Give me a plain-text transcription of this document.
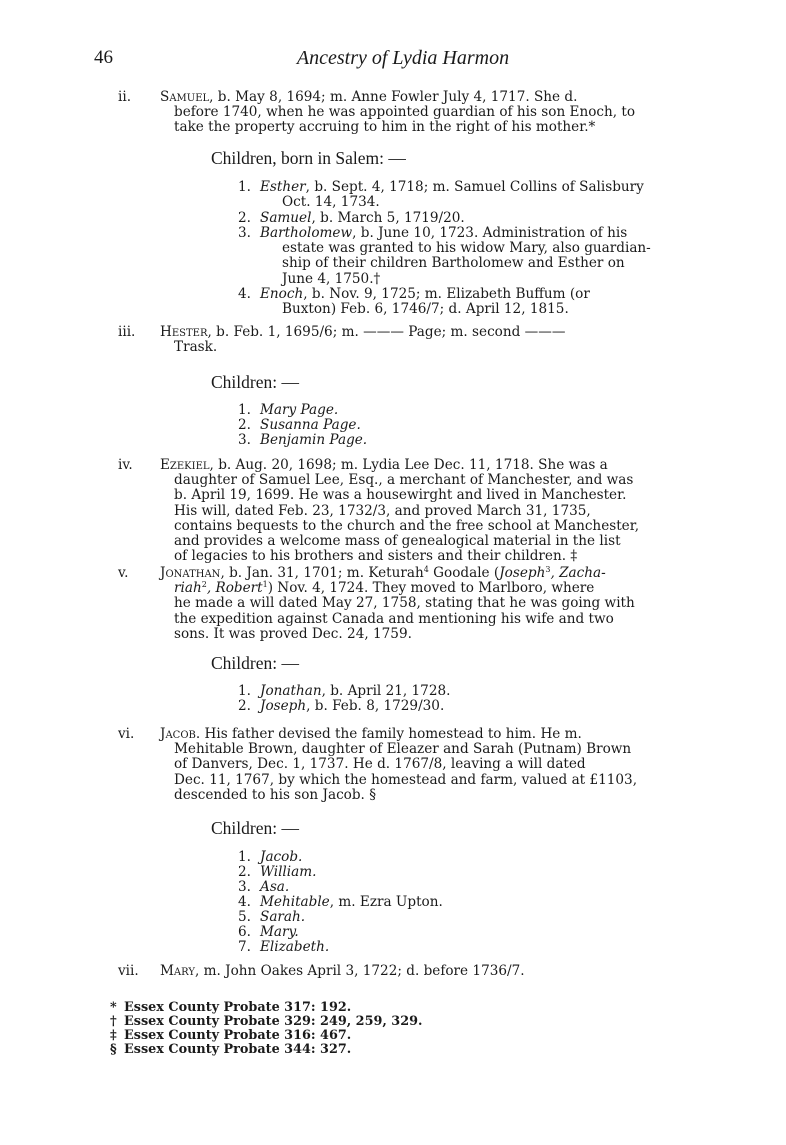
46	Ancestry of Lydia Harmon
ii. Samuel, b. May 8, 1694; m. Anne Fowler July 4, 1717. She d.
before 1740, when he was appointed guardian of his son Enoch, to
take the property accruing to him in the right of his mother.*
Children, born in Salem: —
1. Esther, b. Sept. 4, 1718; m. Samuel Collins of Salisbury
Oct. 14, 1734.
2. Samuel, b. March 5, 1719/20.
3. Bartholomew, b. June 10, 1723. Administration of his
estate was granted to his widow Mary, also guardian-
ship of their children Bartholomew and Esther on
June 4, 1750.†
4. Enoch, b. Nov. 9, 1725; m. Elizabeth Buffum (or
Buxton) Feb. 6, 1746/7; d. April 12, 1815.
iii. Hester, b. Feb. 1, 1695/6; m. ——— Page; m. second ———
Trask.
Children: —
1. Mary Page.
2. Susanna Page.
3. Benjamin Page.
iv. Ezekiel, b. Aug. 20, 1698; m. Lydia Lee Dec. 11, 1718. She was a
daughter of Samuel Lee, Esq., a merchant of Manchester, and was
b. April 19, 1699. He was a housewirght and lived in Manchester.
His will, dated Feb. 23, 1732/3, and proved March 31, 1735,
contains bequests to the church and the free school at Manchester,
and provides a welcome mass of genealogical material in the list
of legacies to his brothers and sisters and their children. ‡
v. Jonathan, b. Jan. 31, 1701; m. Keturah$^4$ Goodale (Joseph$^3$, Zacha-
riah$^2$, Robert$^1$) Nov. 4, 1724. They moved to Marlboro, where
he made a will dated May 27, 1758, stating that he was going with
the expedition against Canada and mentioning his wife and two
sons. It was proved Dec. 24, 1759.
Children: —
1. Jonathan, b. April 21, 1728.
2. Joseph, b. Feb. 8, 1729/30.
vi. Jacob. His father devised the family homestead to him. He m.
Mehitable Brown, daughter of Eleazer and Sarah (Putnam) Brown
of Danvers, Dec. 1, 1737. He d. 1767/8, leaving a will dated
Dec. 11, 1767, by which the homestead and farm, valued at £1103,
descended to his son Jacob. §
Children: —
1. Jacob.
2. William.
3. Asa.
4. Mehitable, m. Ezra Upton.
5. Sarah.
6. Mary.
7. Elizabeth.
vii. Mary, m. John Oakes April 3, 1722; d. before 1736/7.
* Essex County Probate 317: 192.
† Essex County Probate 329: 249, 259, 329.
‡ Essex County Probate 316: 467.
§ Essex County Probate 344: 327.
